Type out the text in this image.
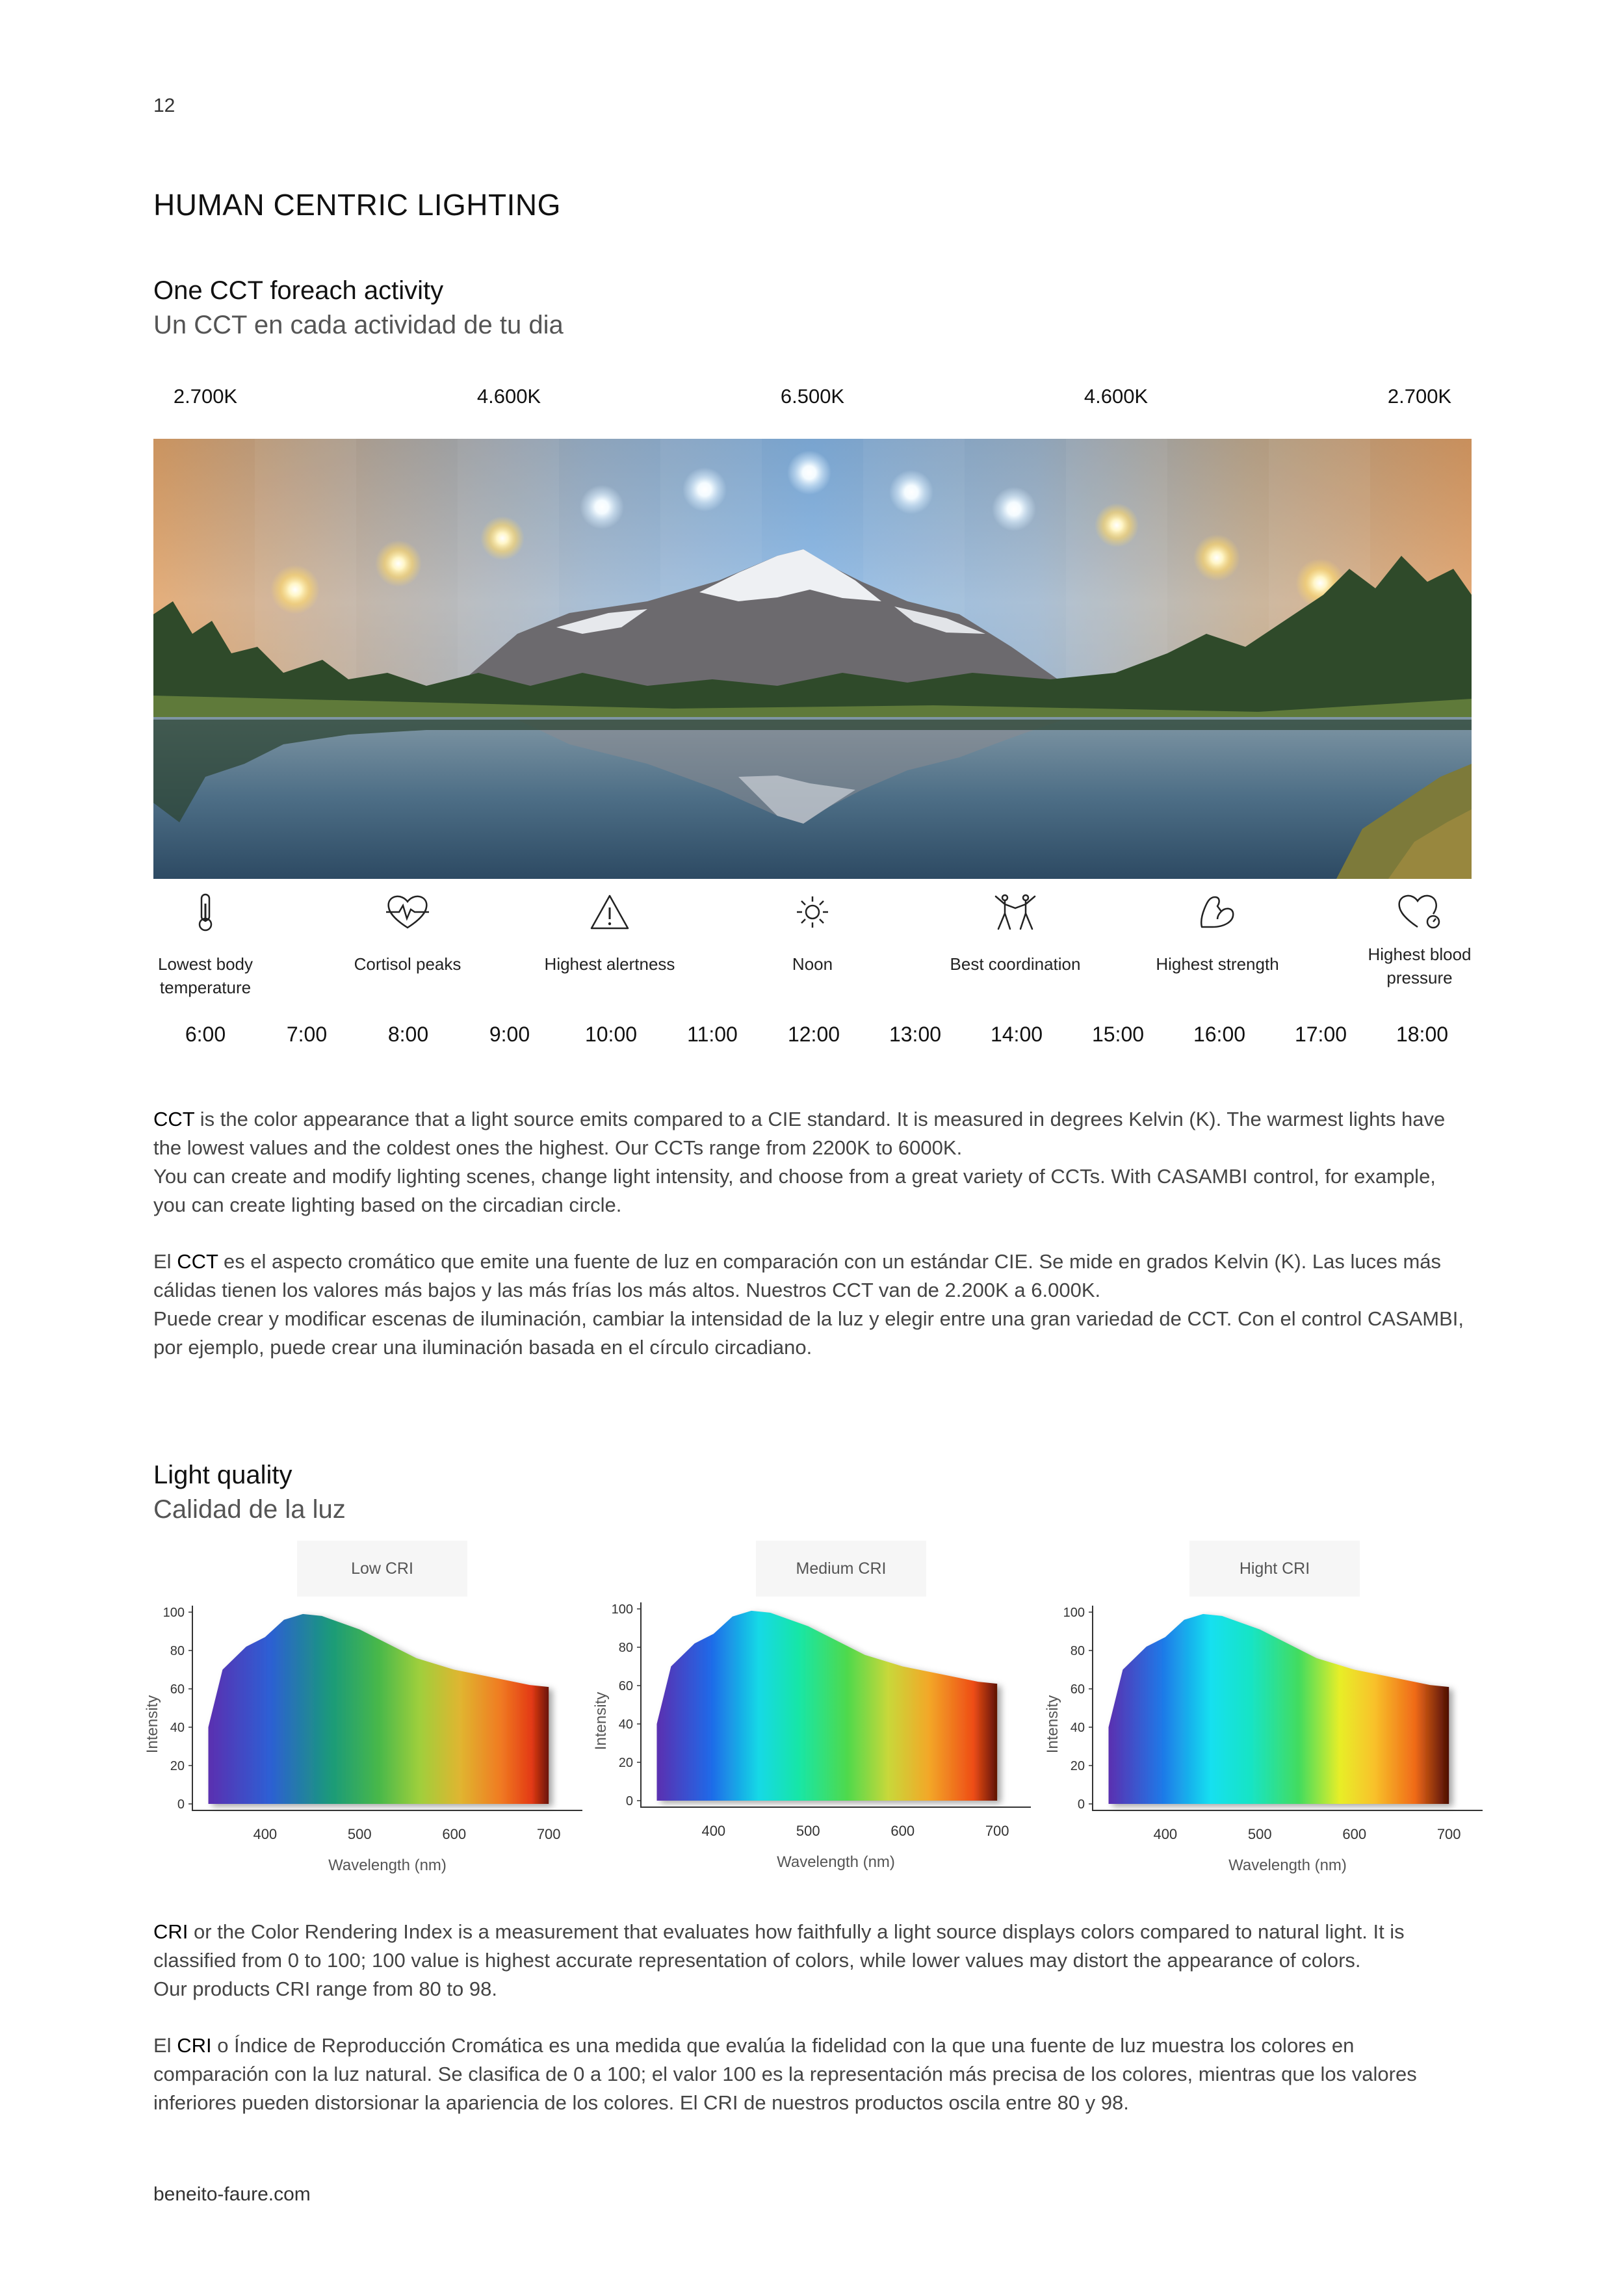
12
HUMAN CENTRIC LIGHTING
One CCT foreach activity
Un CCT en cada actividad de tu dia
2.700K	4.600K	6.500K	4.600K	2.700K
Lowest body temperature
Cortisol peaks	Highest alertness	Noon	Best coordination	Highest strength	Highest blood pressure
6:00	7:00	8:00	9:00	10:00	11:00	12:00	13:00	14:00	15:00	16:00	17:00	18:00
CCT is the color appearance that a light source emits compared to a CIE standard. It is measured in degrees Kelvin (K). The warmest lights have the lowest values and the coldest ones the highest. Our CCTs range from 2200K to 6000K.
You can create and modify lighting scenes, change light intensity, and choose from a great variety of CCTs. With CASAMBI control, for example, you can create lighting based on the circadian circle.
El CCT es el aspecto cromático que emite una fuente de luz en comparación con un estándar CIE. Se mide en grados Kelvin (K). Las luces más cálidas tienen los valores más bajos y las más frías los más altos. Nuestros CCT van de 2.200K a 6.000K.
Puede crear y modificar escenas de iluminación, cambiar la intensidad de la luz y elegir entre una gran variedad de CCT. Con el control CASAMBI, por ejemplo, puede crear una iluminación basada en el círculo circadiano.
Light quality
Calidad de la luz
Low CRI	Medium CRI	Hight CRI
0
20
40
60
80
100
400	500	600	700
Wavelength (nm)
Intensity
0
20
40
60
80
100
400	500	600	700
Wavelength (nm)
Intensity
0
20
40
60
80
100
400	500	600	700
Wavelength (nm)
Intensity
CRI or the Color Rendering Index is a measurement that evaluates how faithfully a light source displays colors compared to natural light. It is classified from 0 to 100; 100 value is highest accurate representation of colors, while lower values may distort the appearance of colors.
Our products CRI range from 80 to 98.
El CRI o Índice de Reproducción Cromática es una medida que evalúa la fidelidad con la que una fuente de luz muestra los colores en comparación con la luz natural. Se clasifica de 0 a 100; el valor 100 es la representación más precisa de los colores, mientras que los valores inferiores pueden distorsionar la apariencia de los colores. El CRI de nuestros productos oscila entre 80 y 98.
beneito-faure.com
